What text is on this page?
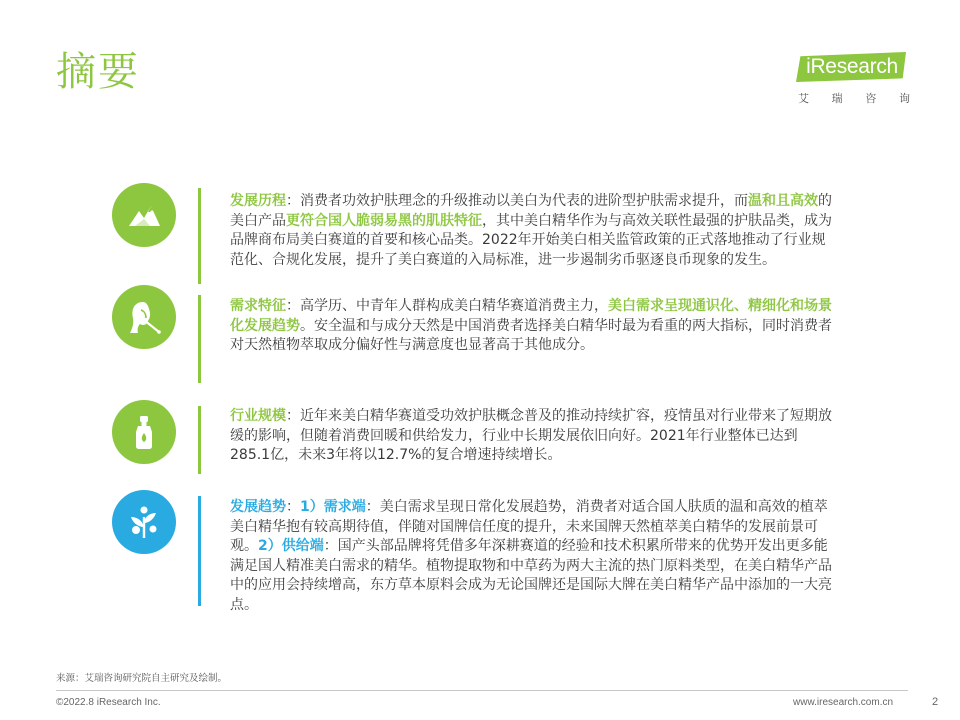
摘要	iResearch
艾 瑞 咨 询
发展历程：消费者功效护肤理念的升级推动以美白为代表的进阶型护肤需求提升，而温和且高效的美白产品更符合国人脆弱易黑的肌肤特征，其中美白精华作为与高效关联性最强的护肤品类，成为品牌商布局美白赛道的首要和核心品类。2022年开始美白相关监管政策的正式落地推动了行业规范化、合规化发展，提升了美白赛道的入局标准，进一步遏制劣币驱逐良币现象的发生。
需求特征：高学历、中青年人群构成美白精华赛道消费主力，美白需求呈现通识化、精细化和场景化发展趋势。安全温和与成分天然是中国消费者选择美白精华时最为看重的两大指标，同时消费者对天然植物萃取成分偏好性与满意度也显著高于其他成分。
行业规模：近年来美白精华赛道受功效护肤概念普及的推动持续扩容，疫情虽对行业带来了短期放缓的影响，但随着消费回暖和供给发力，行业中长期发展依旧向好。2021年行业整体已达到285.1亿，未来3年将以12.7%的复合增速持续增长。
发展趋势：1）需求端：美白需求呈现日常化发展趋势，消费者对适合国人肤质的温和高效的植萃美白精华抱有较高期待值，伴随对国牌信任度的提升，未来国牌天然植萃美白精华的发展前景可观。2）供给端：国产头部品牌将凭借多年深耕赛道的经验和技术积累所带来的优势开发出更多能满足国人精准美白需求的精华。植物提取物和中草药为两大主流的热门原料类型，在美白精华产品中的应用会持续增高，东方草本原料会成为无论国牌还是国际大牌在美白精华产品中添加的一大亮点。
来源：艾瑞咨询研究院自主研究及绘制。
©2022.8 iResearch Inc.	www.iresearch.com.cn	2
